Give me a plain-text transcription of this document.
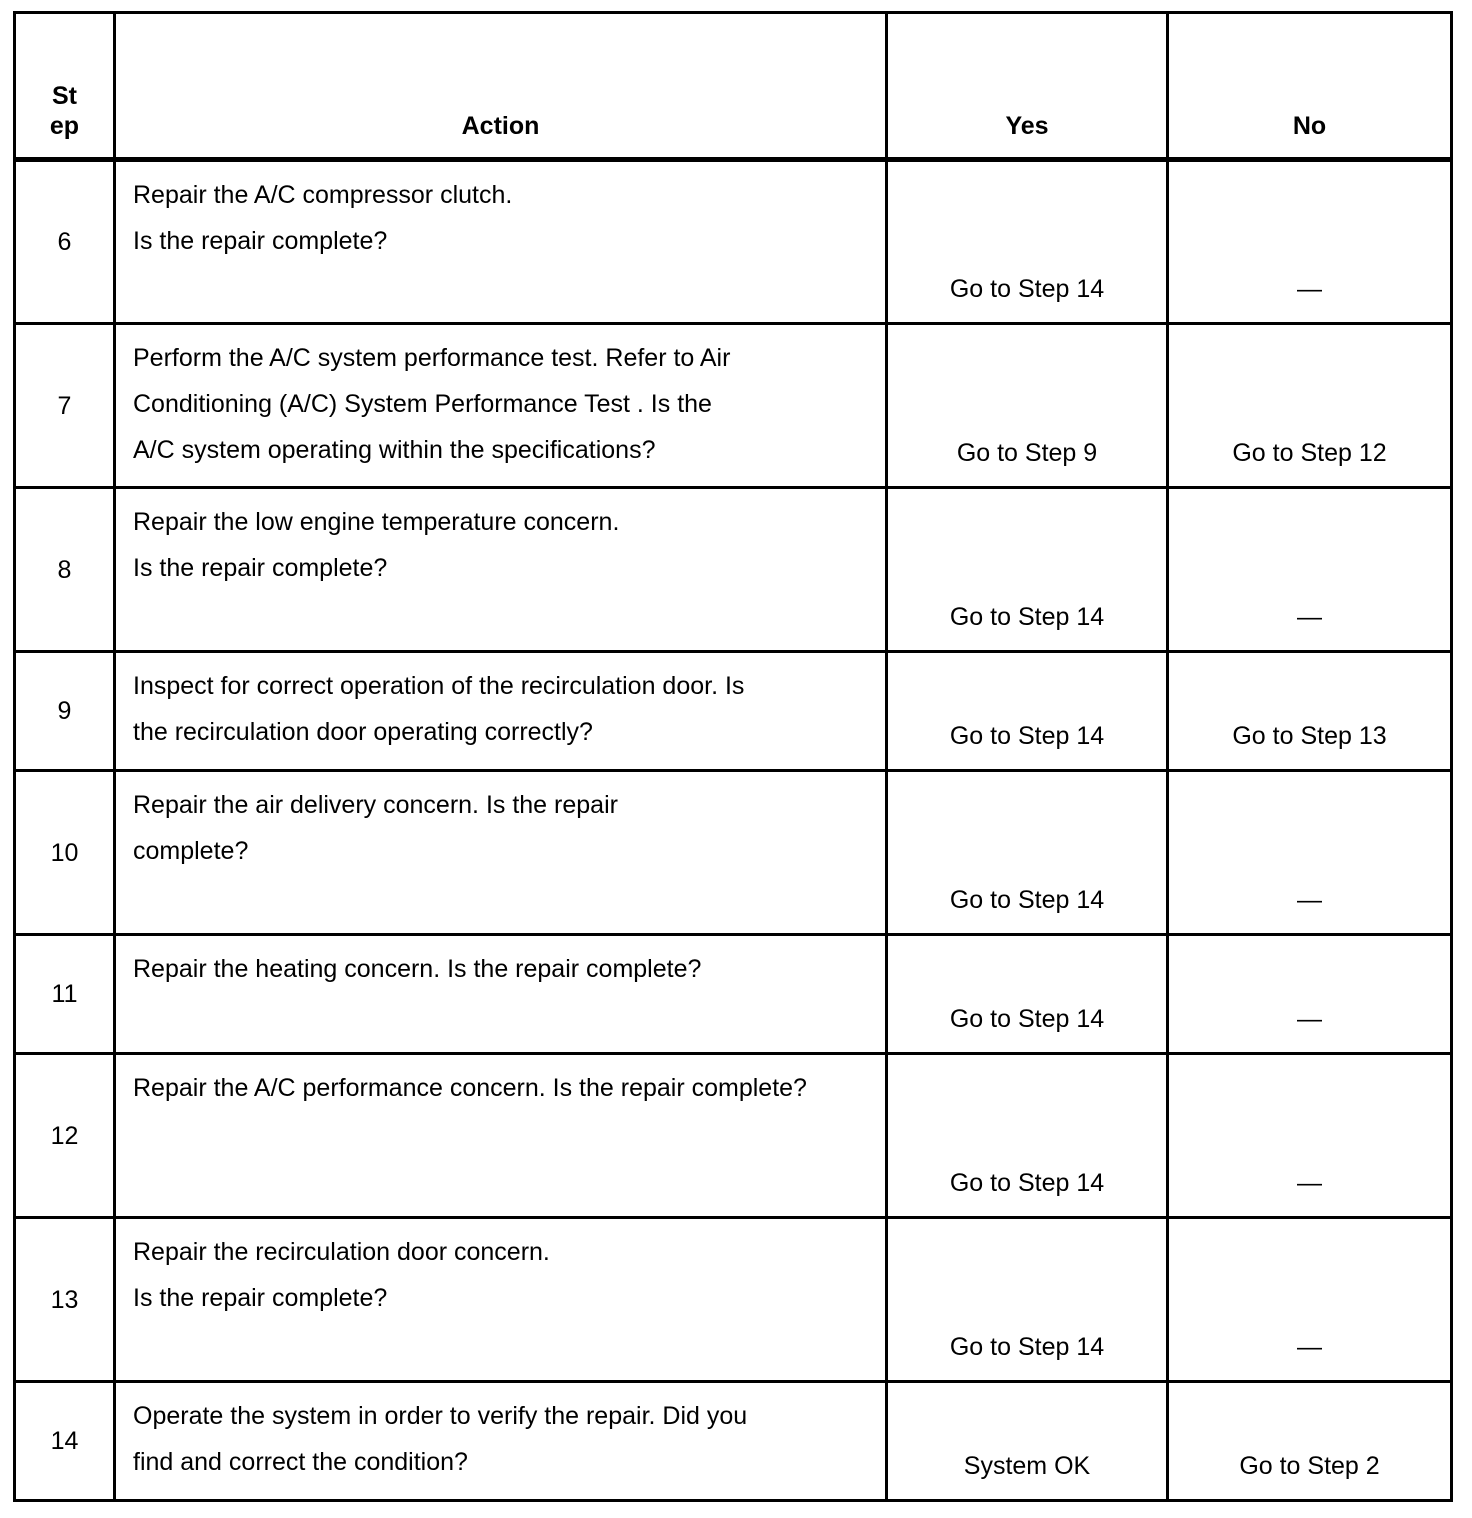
St ep	Action	Yes	No
6	Repair the A/C compressor clutch.
Is the repair complete?	Go to Step 14	—
7	Perform the A/C system performance test. Refer to Air
Conditioning (A/C) System Performance Test . Is the
A/C system operating within the specifications?	Go to Step 9	Go to Step 12
8	Repair the low engine temperature concern.
Is the repair complete?	Go to Step 14	—
9	Inspect for correct operation of the recirculation door. Is
the recirculation door operating correctly?	Go to Step 14	Go to Step 13
10	Repair the air delivery concern. Is the repair
complete?	Go to Step 14	—
11	Repair the heating concern. Is the repair complete?	Go to Step 14	—
12	Repair the A/C performance concern. Is the repair complete?	Go to Step 14	—
13	Repair the recirculation door concern.
Is the repair complete?	Go to Step 14	—
14	Operate the system in order to verify the repair. Did you
find and correct the condition?	System OK	Go to Step 2
